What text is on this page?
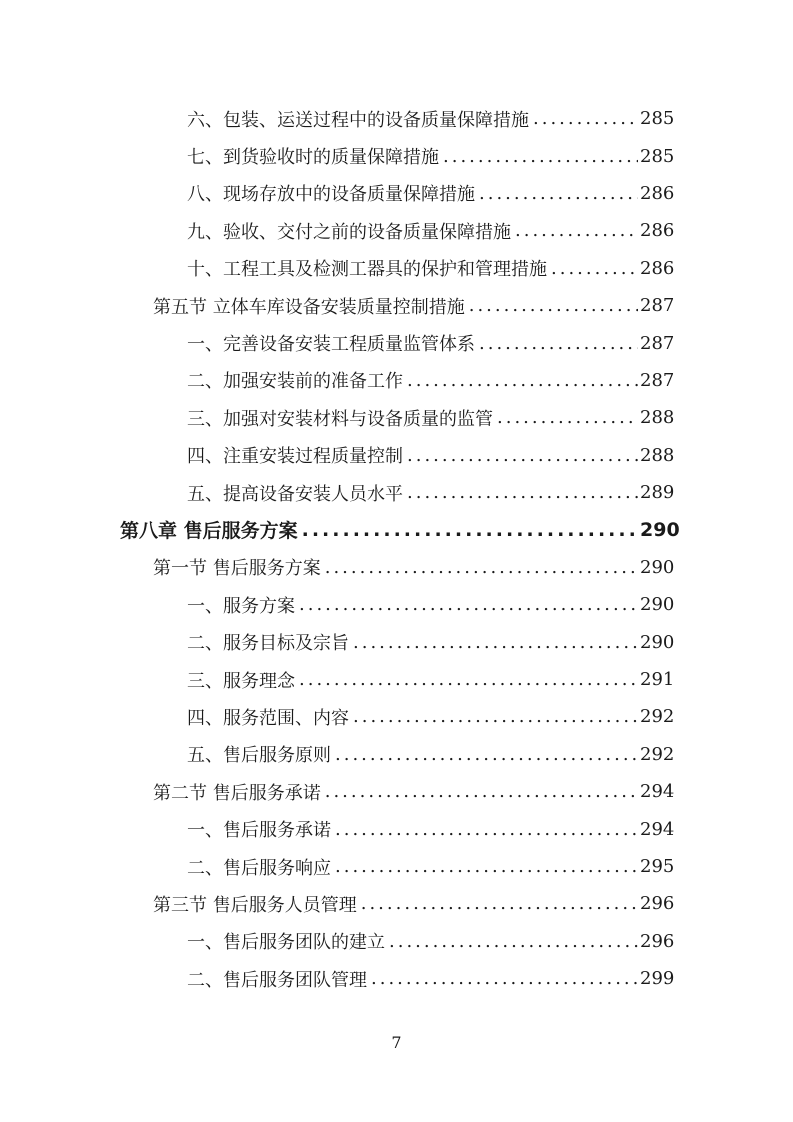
六、包装、运送过程中的设备质量保障措施 .....	285
七、到货验收时的质量保障措施 .....	285
八、现场存放中的设备质量保障措施 .....	286
九、验收、交付之前的设备质量保障措施 .....	286
十、工程工具及检测工器具的保护和管理措施 .....	286
第五节 立体车库设备安装质量控制措施 .....	287
一、完善设备安装工程质量监管体系 .....	287
二、加强安装前的准备工作 .....	287
三、加强对安装材料与设备质量的监管 .....	288
四、注重安装过程质量控制 .....	288
五、提高设备安装人员水平 .....	289
第八章 售后服务方案 .....	290
第一节 售后服务方案 .....	290
一、服务方案 .....	290
二、服务目标及宗旨 .....	290
三、服务理念 .....	291
四、服务范围、内容 .....	292
五、售后服务原则 .....	292
第二节 售后服务承诺 .....	294
一、售后服务承诺 .....	294
二、售后服务响应 .....	295
第三节 售后服务人员管理 .....	296
一、售后服务团队的建立 .....	296
二、售后服务团队管理 .....	299
7
